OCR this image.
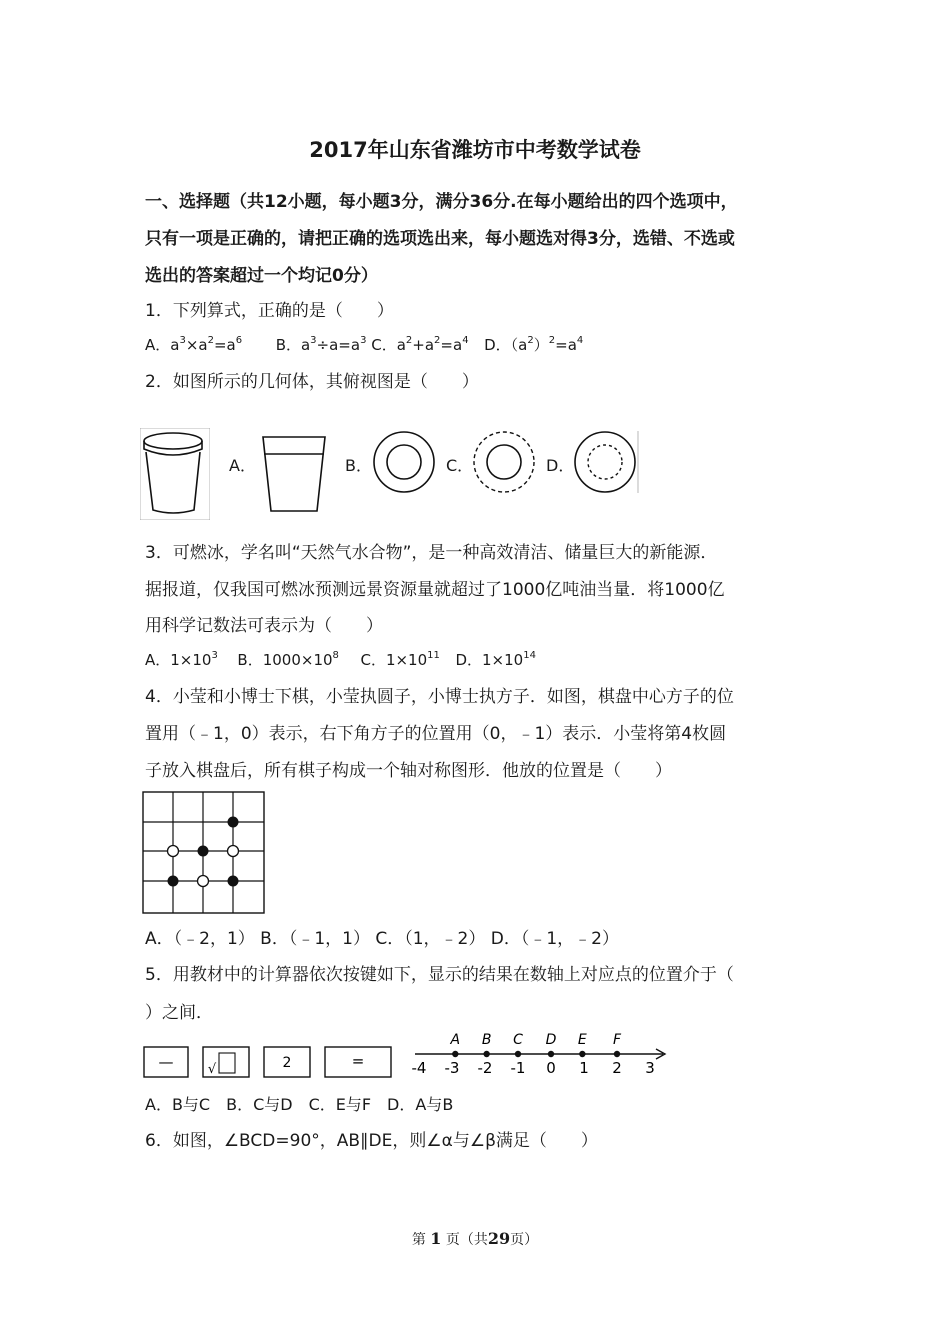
2017年山东省潍坊市中考数学试卷
一、选择题（共12小题，每小题3分，满分36分.在每小题给出的四个选项中，
只有一项是正确的，请把正确的选项选出来，每小题选对得3分，选错、不选或
选出的答案超过一个均记0分）
1．下列算式，正确的是（　　）
A．$a^3\times a^2=a^6$ B．$a^3\div a=a^3$ C．$a^2+a^2=a^4$ D．$(a^2)^2=a^4$
2．如图所示的几何体，其俯视图是（　　）
A．	B．	C．	D．
3．可燃冰，学名叫“天然气水合物”，是一种高效清洁、储量巨大的新能源．
据报道，仅我国可燃冰预测远景资源量就超过了1000亿吨油当量．将1000亿
用科学记数法可表示为（　　）
A．$1\times 10^3$ B．$1000\times 10^8$ C．$1\times 10^{11}$ D．$1\times 10^{14}$
4．小莹和小博士下棋，小莹执圆子，小博士执方子．如图，棋盘中心方子的位
置用（﹣1，0）表示，右下角方子的位置用（0，﹣1）表示．小莹将第4枚圆
子放入棋盘后，所有棋子构成一个轴对称图形．他放的位置是（　　）
A．（﹣2，1） B．（﹣1，1） C．（1，﹣2） D．（﹣1，﹣2）
5．用教材中的计算器依次按键如下，显示的结果在数轴上对应点的位置介于（
）之间．
—	√	2	=	-4 -3 -2 -1 0 1 2 3
A B C D E F
A．B与C　B．C与D　C．E与F　D．A与B
6．如图，∠BCD=90°，AB∥DE，则∠α与∠β满足（　　）
第 1 页（共29页）
